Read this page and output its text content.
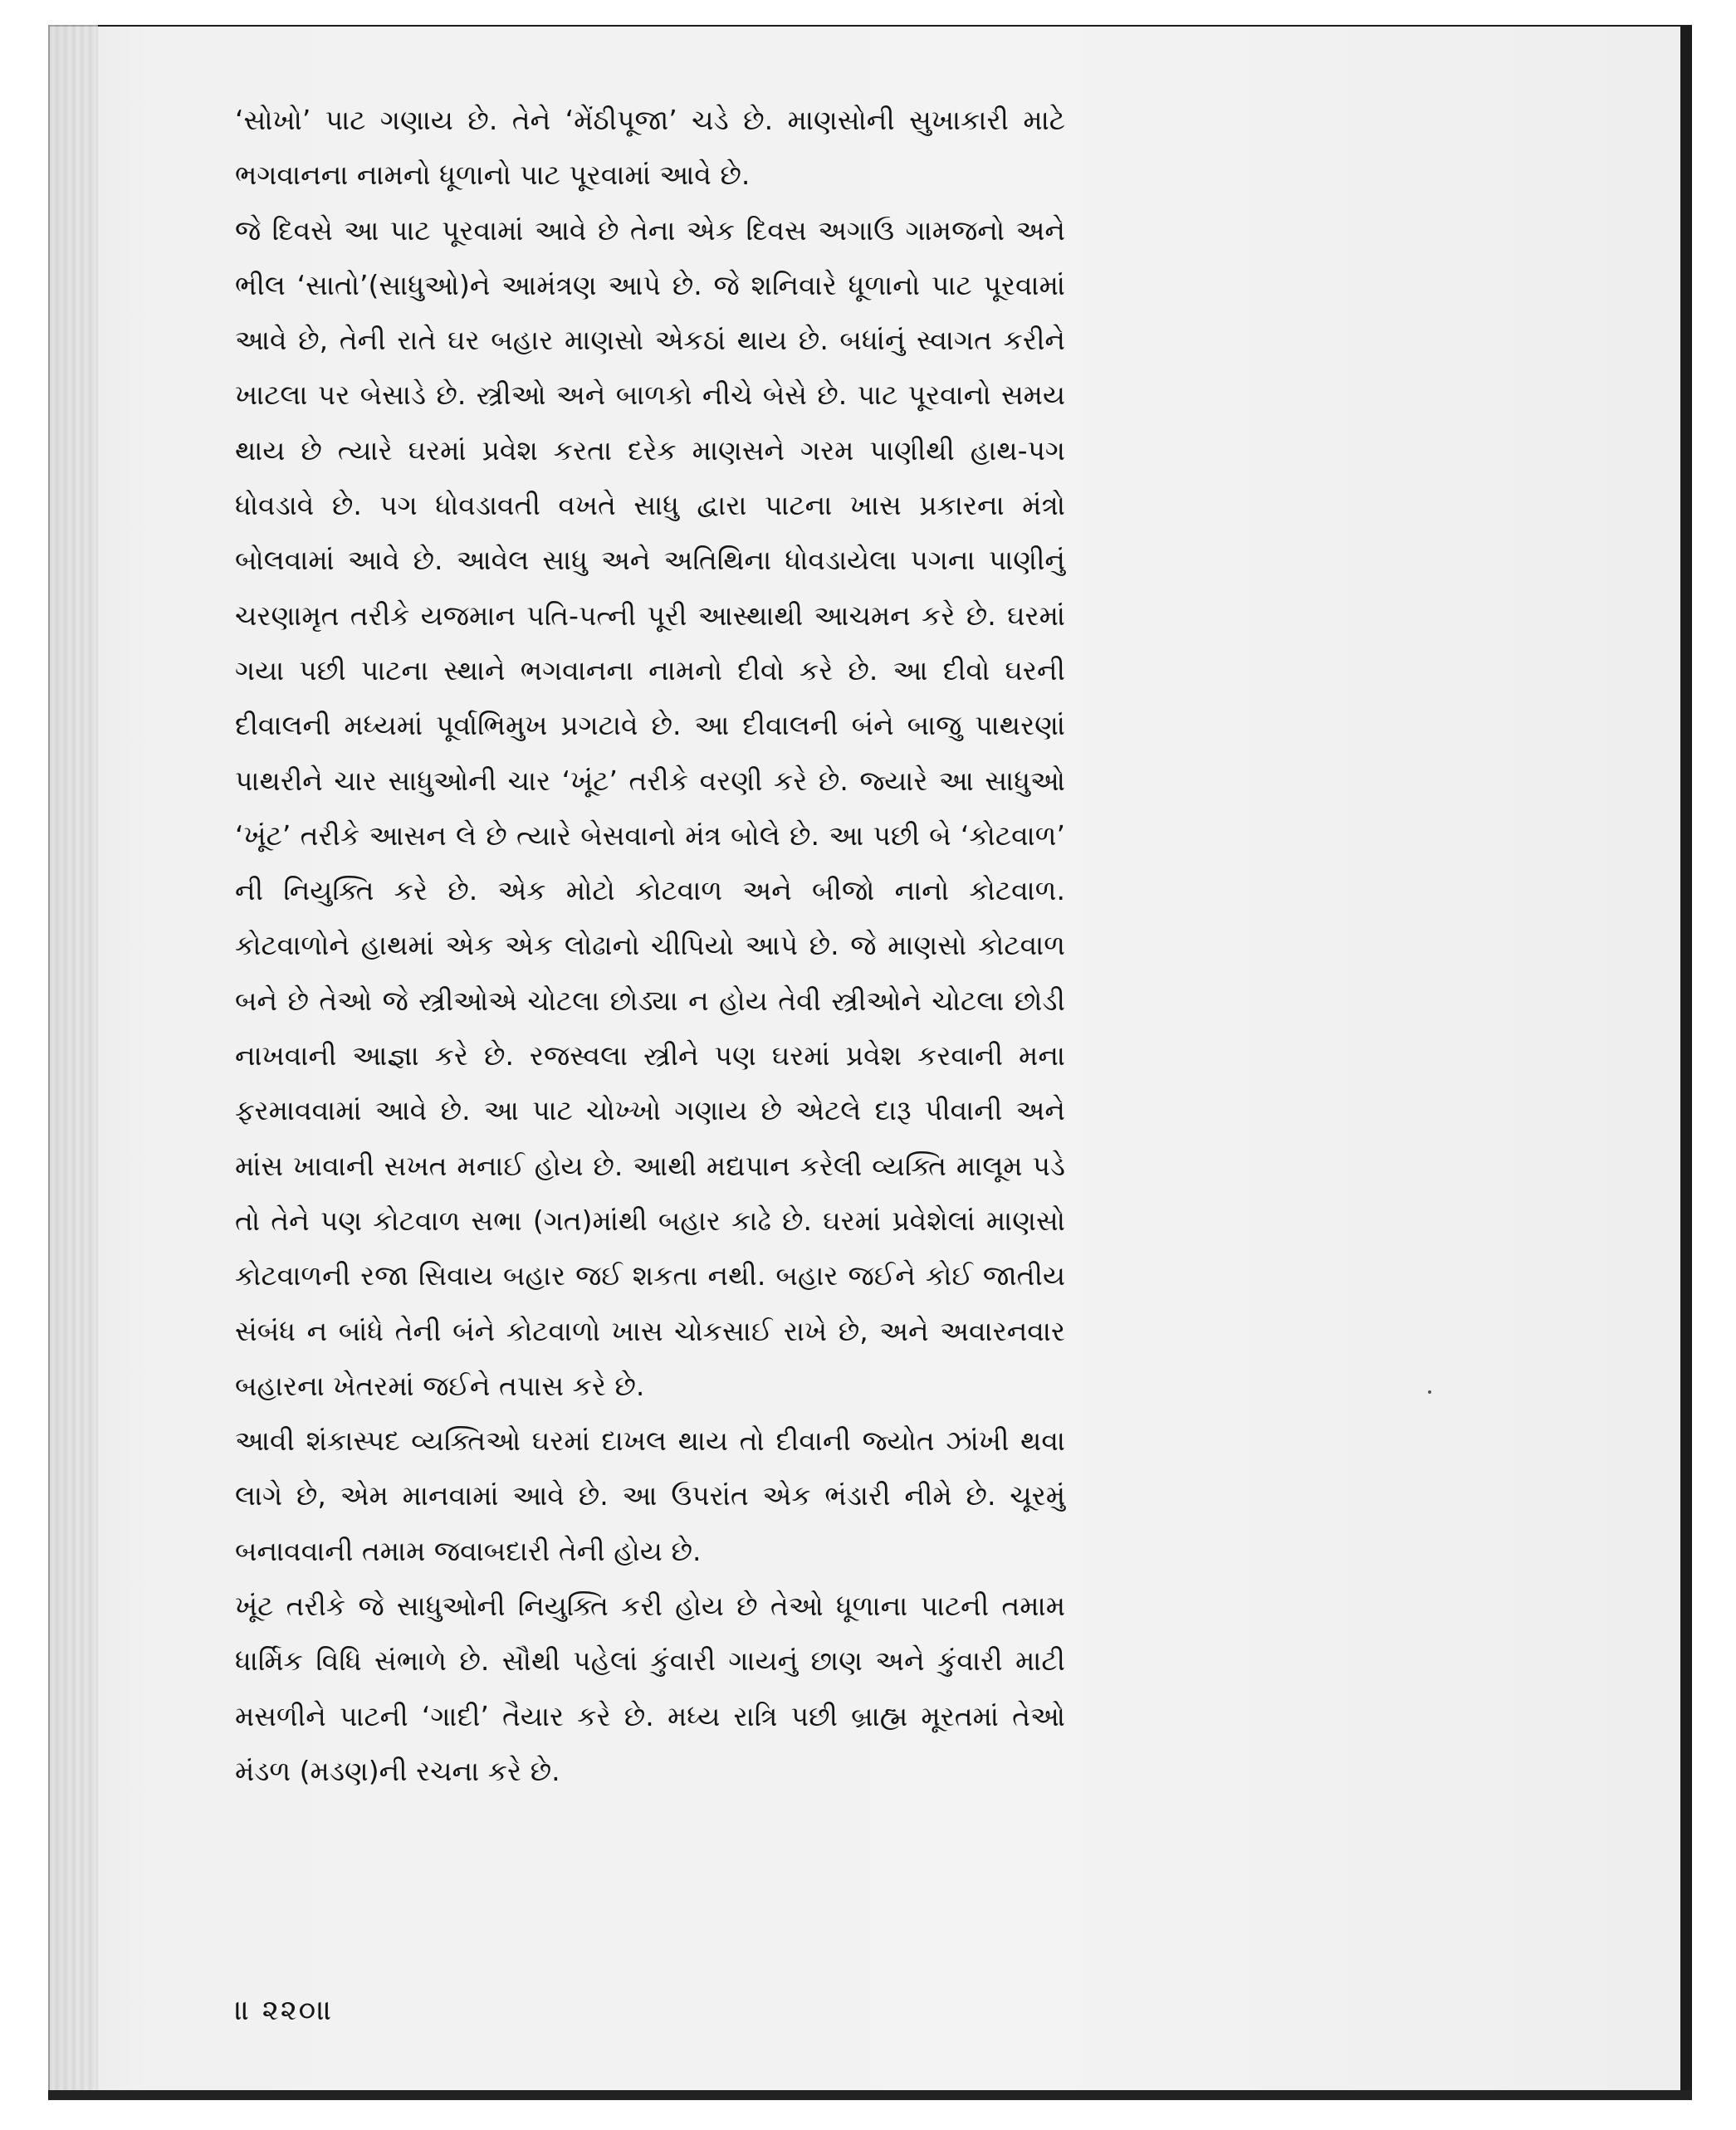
‘સોખો’ પાટ ગણાય છે. તેને ‘મેંઠીપૂજા’ ચડે છે. માણસોની સુખાકારી માટે ભગવાનના નામનો ધૂળાનો પાટ પૂરવામાં આવે છે.

જે દિવસે આ પાટ પૂરવામાં આવે છે તેના એક દિવસ અગાઉ ગામજનો અને ભીલ ‘સાતો’(સાધુઓ)ને આમંત્રણ આપે છે. જે શનિવારે ધૂળાનો પાટ પૂરવામાં આવે છે, તેની રાતે ઘર બહાર માણસો એકઠાં થાય છે. બધાંનું સ્વાગત કરીને ખાટલા પર બેસાડે છે. સ્ત્રીઓ અને બાળકો નીચે બેસે છે. પાટ પૂરવાનો સમય થાય છે ત્યારે ઘરમાં પ્રવેશ કરતા દરેક માણસને ગરમ પાણીથી હાથ-પગ ધોવડાવે છે. પગ ધોવડાવતી વખતે સાધુ દ્વારા પાટના ખાસ પ્રકારના મંત્રો બોલવામાં આવે છે. આવેલ સાધુ અને અતિથિના ધોવડાયેલા પગના પાણીનું ચરણામૃત તરીકે યજમાન પતિ-પત્ની પૂરી આસ્થાથી આચમન કરે છે. ઘરમાં ગયા પછી પાટના સ્થાને ભગવાનના નામનો દીવો કરે છે. આ દીવો ઘરની દીવાલની મધ્યમાં પૂર્વાભિમુખ પ્રગટાવે છે. આ દીવાલની બંને બાજુ પાથરણાં પાથરીને ચાર સાધુઓની ચાર ‘ખૂંટ’ તરીકે વરણી કરે છે. જ્યારે આ સાધુઓ ‘ખૂંટ’ તરીકે આસન લે છે ત્યારે બેસવાનો મંત્ર બોલે છે. આ પછી બે ‘કોટવાળ’ ની નિયુક્તિ કરે છે. એક મોટો કોટવાળ અને બીજો નાનો કોટવાળ. કોટવાળોને હાથમાં એક એક લોઢાનો ચીપિયો આપે છે. જે માણસો કોટવાળ બને છે તેઓ જે સ્ત્રીઓએ ચોટલા છોડ્યા ન હોય તેવી સ્ત્રીઓને ચોટલા છોડી નાખવાની આજ્ઞા કરે છે. રજસ્વલા સ્ત્રીને પણ ઘરમાં પ્રવેશ કરવાની મના ફરમાવવામાં આવે છે. આ પાટ ચોખ્ખો ગણાય છે એટલે દારૂ પીવાની અને માંસ ખાવાની સખત મનાઈ હોય છે. આથી મદ્યપાન કરેલી વ્યક્તિ માલૂમ પડે તો તેને પણ કોટવાળ સભા (ગત)માંથી બહાર કાઢે છે. ઘરમાં પ્રવેશેલાં માણસો કોટવાળની રજા સિવાય બહાર જઈ શકતા નથી. બહાર જઈને કોઈ જાતીય સંબંધ ન બાંધે તેની બંને કોટવાળો ખાસ ચોકસાઈ રાખે છે, અને અવારનવાર બહારના ખેતરમાં જઈને તપાસ કરે છે.

આવી શંકાસ્પદ વ્યક્તિઓ ઘરમાં દાખલ થાય તો દીવાની જ્યોત ઝાંખી થવા લાગે છે, એમ માનવામાં આવે છે. આ ઉપરાંત એક ભંડારી નીમે છે. ચૂરમું બનાવવાની તમામ જવાબદારી તેની હોય છે.

ખૂંટ તરીકે જે સાધુઓની નિયુક્તિ કરી હોય છે તેઓ ધૂળાના પાટની તમામ ધાર્મિક વિધિ સંભાળે છે. સૌથી પહેલાં કુંવારી ગાયનું છાણ અને કુંવારી માટી મસળીને પાટની ‘ગાદી’ તૈયાર કરે છે. મધ્ય રાત્રિ પછી બ્રાહ્મ મૂરતમાં તેઓ મંડળ (મડણ)ની રચના કરે છે.

॥ ૨૨૦॥
